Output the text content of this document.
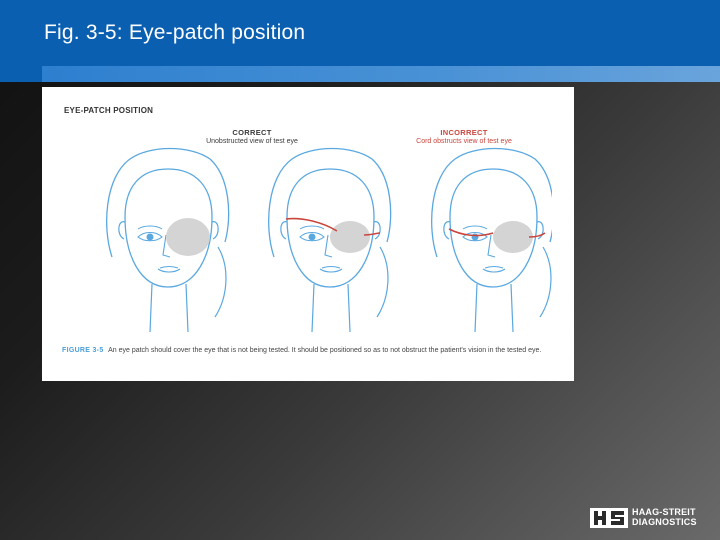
Fig. 3-5: Eye-patch position
EYE-PATCH POSITION
CORRECT
Unobstructed view of test eye
INCORRECT
Cord obstructs view of test eye
FIGURE 3-5 An eye patch should cover the eye that is not being tested. It should be positioned so as to not obstruct the patient's vision in the tested eye.
HAAG-STREIT
DIAGNOSTICS
